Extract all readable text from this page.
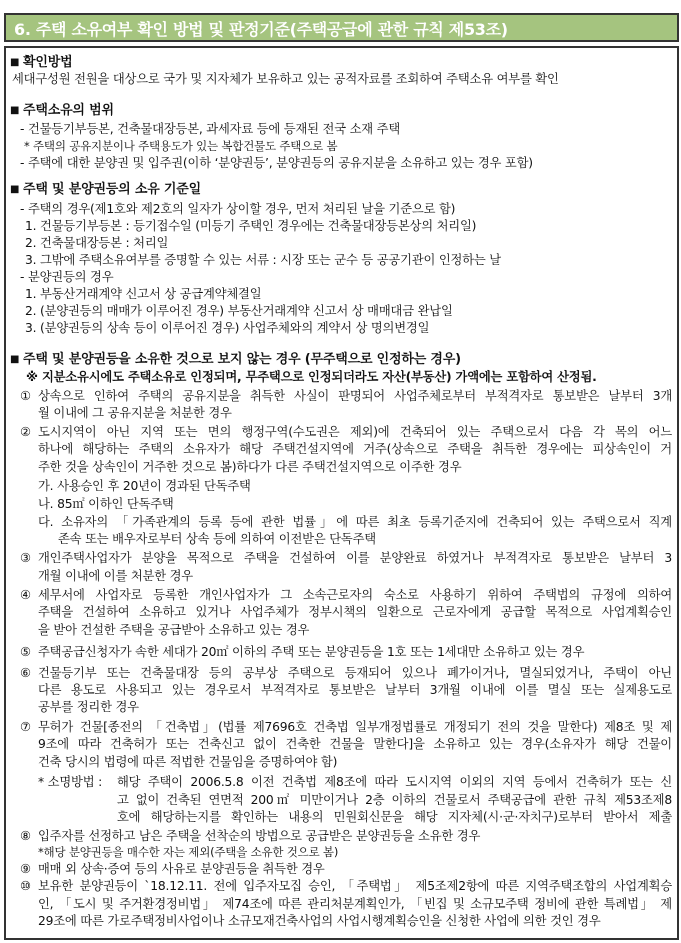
6. 주택 소유여부 확인 방법 및 판정기준(주택공급에 관한 규칙 제53조)
■ 확인방법
세대구성원 전원을 대상으로 국가 및 지자체가 보유하고 있는 공적자료를 조회하여 주택소유 여부를 확인
■ 주택소유의 범위
- 건물등기부등본, 건축물대장등본, 과세자료 등에 등재된 전국 소재 주택
* 주택의 공유지분이나 주택용도가 있는 복합건물도 주택으로 봄
- 주택에 대한 분양권 및 입주권(이하 ‘분양권등’, 분양권등의 공유지분을 소유하고 있는 경우 포함)
■ 주택 및 분양권등의 소유 기준일
- 주택의 경우(제1호와 제2호의 일자가 상이할 경우, 먼저 처리된 날을 기준으로 함)
1. 건물등기부등본 : 등기접수일 (미등기 주택인 경우에는 건축물대장등본상의 처리일)
2. 건축물대장등본 : 처리일
3. 그밖에 주택소유여부를 증명할 수 있는 서류 : 시장 또는 군수 등 공공기관이 인정하는 날
- 분양권등의 경우
1. 부동산거래계약 신고서 상 공급계약체결일
2. (분양권등의 매매가 이루어진 경우) 부동산거래계약 신고서 상 매매대금 완납일
3. (분양권등의 상속 등이 이루어진 경우) 사업주체와의 계약서 상 명의변경일
■ 주택 및 분양권등을 소유한 것으로 보지 않는 경우 (무주택으로 인정하는 경우)
※ 지분소유시에도 주택소유로 인정되며, 무주택으로 인정되더라도 자산(부동산) 가액에는 포함하여 산정됨.
① 상속으로 인하여 주택의 공유지분을 취득한 사실이 판명되어 사업주체로부터 부적격자로 통보받은 날부터 3개
월 이내에 그 공유지분을 처분한 경우
② 도시지역이 아닌 지역 또는 면의 행정구역(수도권은 제외)에 건축되어 있는 주택으로서 다음 각 목의 어느
하나에 해당하는 주택의 소유자가 해당 주택건설지역에 거주(상속으로 주택을 취득한 경우에는 피상속인이 거
주한 것을 상속인이 거주한 것으로 봄)하다가 다른 주택건설지역으로 이주한 경우
가. 사용승인 후 20년이 경과된 단독주택
나. 85㎡ 이하인 단독주택
다. 소유자의 「가족관계의 등록 등에 관한 법률」에 따른 최초 등록기준지에 건축되어 있는 주택으로서 직계
존속 또는 배우자로부터 상속 등에 의하여 이전받은 단독주택
③ 개인주택사업자가 분양을 목적으로 주택을 건설하여 이를 분양완료 하였거나 부적격자로 통보받은 날부터 3
개월 이내에 이를 처분한 경우
④ 세무서에 사업자로 등록한 개인사업자가 그 소속근로자의 숙소로 사용하기 위하여 주택법의 규정에 의하여
주택을 건설하여 소유하고 있거나 사업주체가 정부시책의 일환으로 근로자에게 공급할 목적으로 사업계획승인
을 받아 건설한 주택을 공급받아 소유하고 있는 경우
⑤ 주택공급신청자가 속한 세대가 20㎡ 이하의 주택 또는 분양권등을 1호 또는 1세대만 소유하고 있는 경우
⑥ 건물등기부 또는 건축물대장 등의 공부상 주택으로 등재되어 있으나 폐가이거나, 멸실되었거나, 주택이 아닌
다른 용도로 사용되고 있는 경우로서 부적격자로 통보받은 날부터 3개월 이내에 이를 멸실 또는 실제용도로
공부를 정리한 경우
⑦ 무허가 건물[종전의 「건축법」(법률 제7696호 건축법 일부개정법률로 개정되기 전의 것을 말한다) 제8조 및 제
9조에 따라 건축허가 또는 건축신고 없이 건축한 건물을 말한다]을 소유하고 있는 경우(소유자가 해당 건물이
건축 당시의 법령에 따른 적법한 건물임을 증명하여야 함)
* 소명방법 : 해당 주택이 2006.5.8 이전 건축법 제8조에 따라 도시지역 이외의 지역 등에서 건축허가 또는 신
고 없이 건축된 연면적 200㎡ 미만이거나 2층 이하의 건물로서 주택공급에 관한 규칙 제53조제8
호에 해당하는지를 확인하는 내용의 민원회신문을 해당 지자체(시·군·자치구)로부터 받아서 제출
⑧ 입주자를 선정하고 남은 주택을 선착순의 방법으로 공급받은 분양권등을 소유한 경우
*해당 분양권등을 매수한 자는 제외(주택을 소유한 것으로 봄)
⑨ 매매 외 상속·증여 등의 사유로 분양권등을 취득한 경우
⑩ 보유한 분양권등이 `18.12.11. 전에 입주자모집 승인, 「주택법」 제5조제2항에 따른 지역주택조합의 사업계획승
인, 「도시 및 주거환경정비법」 제74조에 따른 관리처분계획인가, 「빈집 및 소규모주택 정비에 관한 특례법」 제
29조에 따른 가로주택정비사업이나 소규모재건축사업의 사업시행계획승인을 신청한 사업에 의한 것인 경우
